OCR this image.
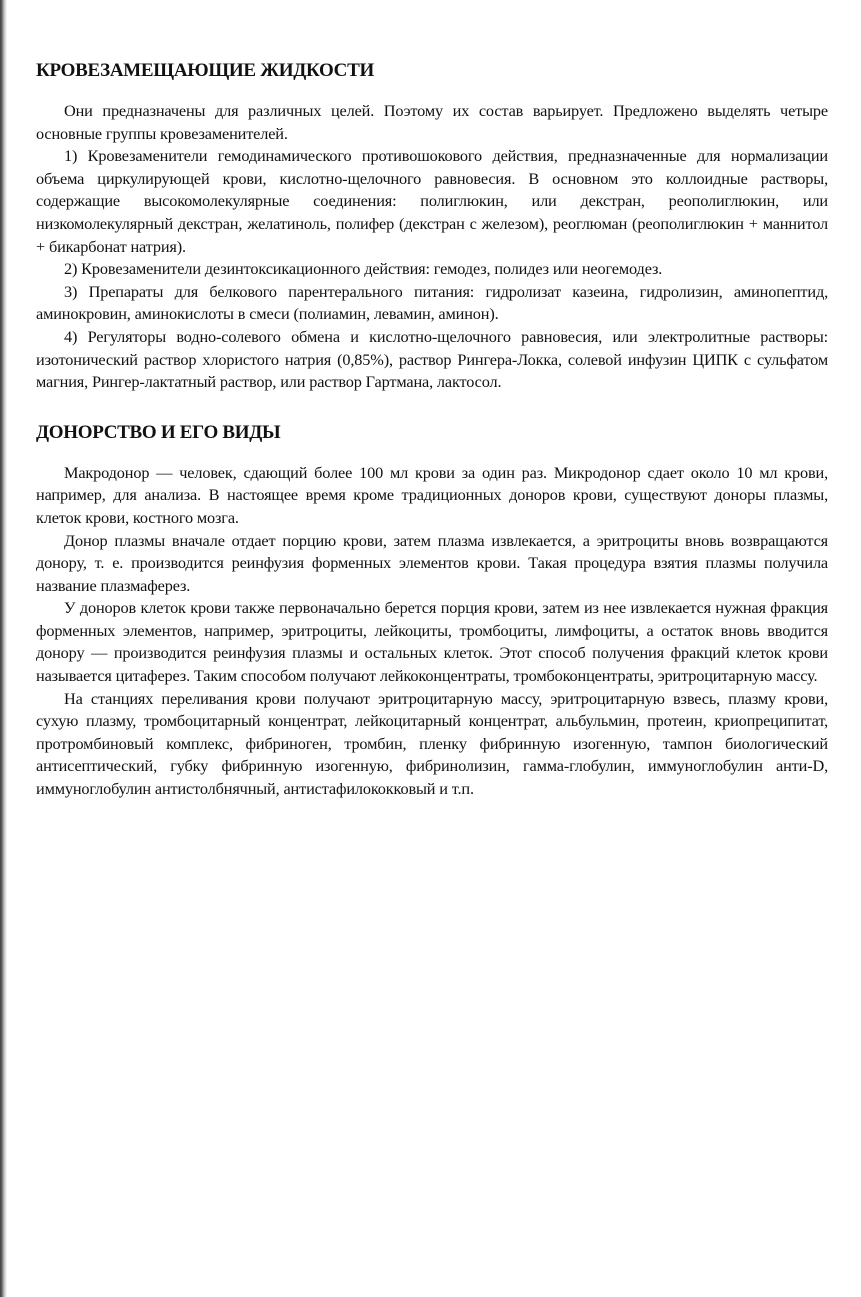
КРОВЕЗАМЕЩАЮЩИЕ ЖИДКОСТИ

Они предназначены для различных целей. Поэтому их состав варьирует. Предложено выделять четыре основные группы кровезаменителей.

1) Кровезаменители гемодинамического противошокового действия, предназначенные для нормализации объема циркулирующей крови, кислотно-щелочного равновесия. В основном это коллоидные растворы, содержащие высокомолекулярные соединения: полиглюкин, или декстран, реополиглюкин, или низкомолекулярный декстран, желатиноль, полифер (декстран с железом), реоглюман (реополиглюкин + маннитол + бикарбонат натрия).

2) Кровезаменители дезинтоксикационного действия: гемодез, полидез или неогемодез.

3) Препараты для белкового парентерального питания: гидролизат казеина, гидролизин, аминопептид, аминокровин, аминокислоты в смеси (полиамин, левамин, аминон).

4) Регуляторы водно-солевого обмена и кислотно-щелочного равновесия, или электролитные растворы: изотонический раствор хлористого натрия (0,85%), раствор Рингера-Локка, солевой инфузин ЦИПК с сульфатом магния, Рингер-лактатный раствор, или раствор Гартмана, лактосол.

ДОНОРСТВО И ЕГО ВИДЫ

Макродонор — человек, сдающий более 100 мл крови за один раз. Микродонор сдает около 10 мл крови, например, для анализа. В настоящее время кроме традиционных доноров крови, существуют доноры плазмы, клеток крови, костного мозга.

Донор плазмы вначале отдает порцию крови, затем плазма извлекается, а эритроциты вновь возвращаются донору, т. е. производится реинфузия форменных элементов крови. Такая процедура взятия плазмы получила название плазмаферез.

У доноров клеток крови также первоначально берется порция крови, затем из нее извлекается нужная фракция форменных элементов, например, эритроциты, лейкоциты, тромбоциты, лимфоциты, а остаток вновь вводится донору — производится реинфузия плазмы и остальных клеток. Этот способ получения фракций клеток крови называется цитаферез. Таким способом получают лейкоконцентраты, тромбоконцентраты, эритроцитарную массу.

На станциях переливания крови получают эритроцитарную массу, эритроцитарную взвесь, плазму крови, сухую плазму, тромбоцитарный концентрат, лейкоцитарный концентрат, альбульмин, протеин, криопреципитат, протромбиновый комплекс, фибриноген, тромбин, пленку фибринную изогенную, тампон биологический антисептический, губку фибринную изогенную, фибринолизин, гамма-глобулин, иммуноглобулин анти-D, иммуноглобулин антистолбнячный, антистафилококковый и т.п.
